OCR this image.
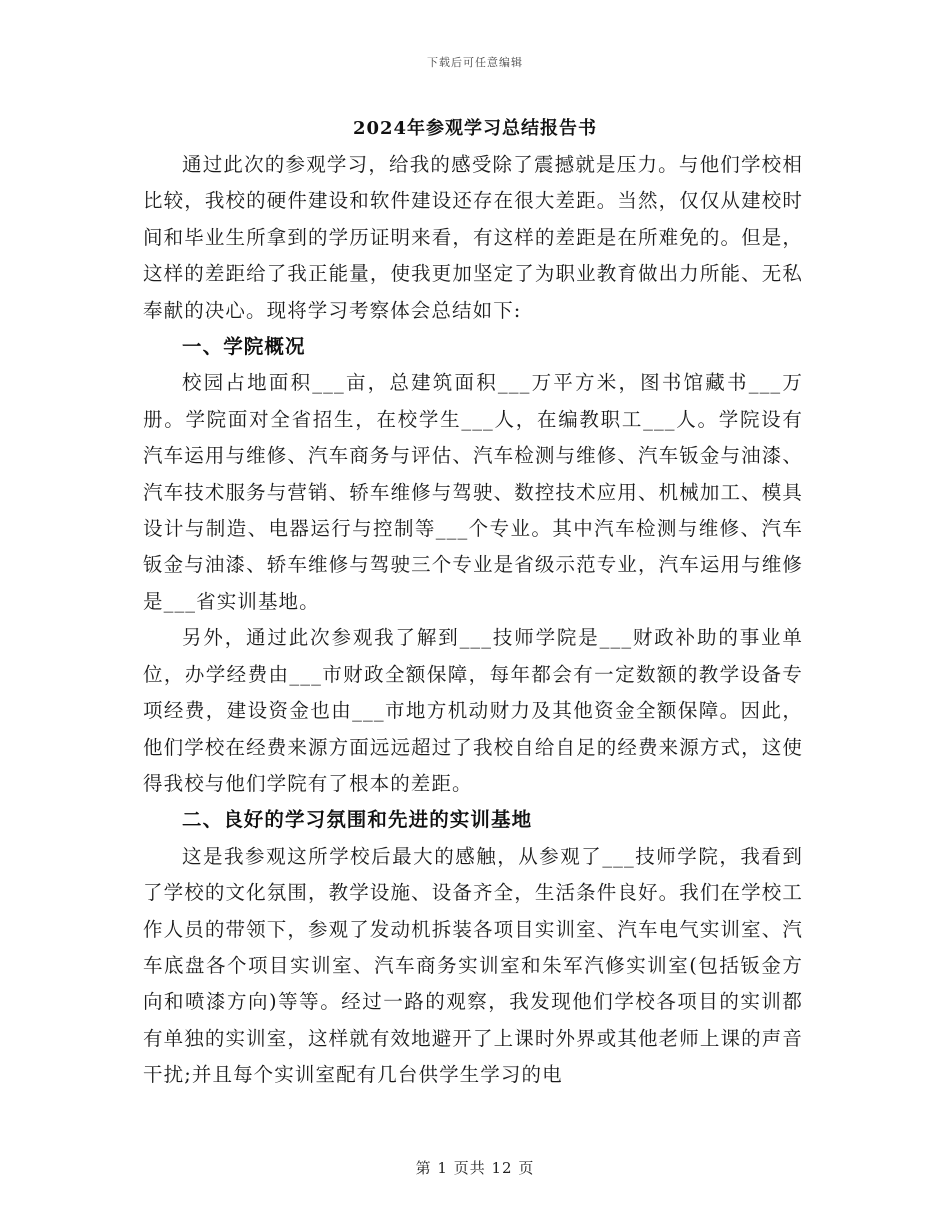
下载后可任意编辑
2024年参观学习总结报告书

通过此次的参观学习，给我的感受除了震撼就是压力。与他们学校相比较，我校的硬件建设和软件建设还存在很大差距。当然，仅仅从建校时间和毕业生所拿到的学历证明来看，有这样的差距是在所难免的。但是，这样的差距给了我正能量，使我更加坚定了为职业教育做出力所能、无私奉献的决心。现将学习考察体会总结如下:

一、学院概况

校园占地面积___亩，总建筑面积___万平方米，图书馆藏书___万册。学院面对全省招生，在校学生___人，在编教职工___人。学院设有汽车运用与维修、汽车商务与评估、汽车检测与维修、汽车钣金与油漆、汽车技术服务与营销、轿车维修与驾驶、数控技术应用、机械加工、模具设计与制造、电器运行与控制等___个专业。其中汽车检测与维修、汽车钣金与油漆、轿车维修与驾驶三个专业是省级示范专业，汽车运用与维修是___省实训基地。

另外，通过此次参观我了解到___技师学院是___财政补助的事业单位，办学经费由___市财政全额保障，每年都会有一定数额的教学设备专项经费，建设资金也由___市地方机动财力及其他资金全额保障。因此，他们学校在经费来源方面远远超过了我校自给自足的经费来源方式，这使得我校与他们学院有了根本的差距。

二、良好的学习氛围和先进的实训基地

这是我参观这所学校后最大的感触，从参观了___技师学院，我看到了学校的文化氛围，教学设施、设备齐全，生活条件良好。我们在学校工作人员的带领下，参观了发动机拆装各项目实训室、汽车电气实训室、汽车底盘各个项目实训室、汽车商务实训室和朱军汽修实训室(包括钣金方向和喷漆方向)等等。经过一路的观察，我发现他们学校各项目的实训都有单独的实训室，这样就有效地避开了上课时外界或其他老师上课的声音干扰;并且每个实训室配有几台供学生学习的电

第 1 页共 12 页
